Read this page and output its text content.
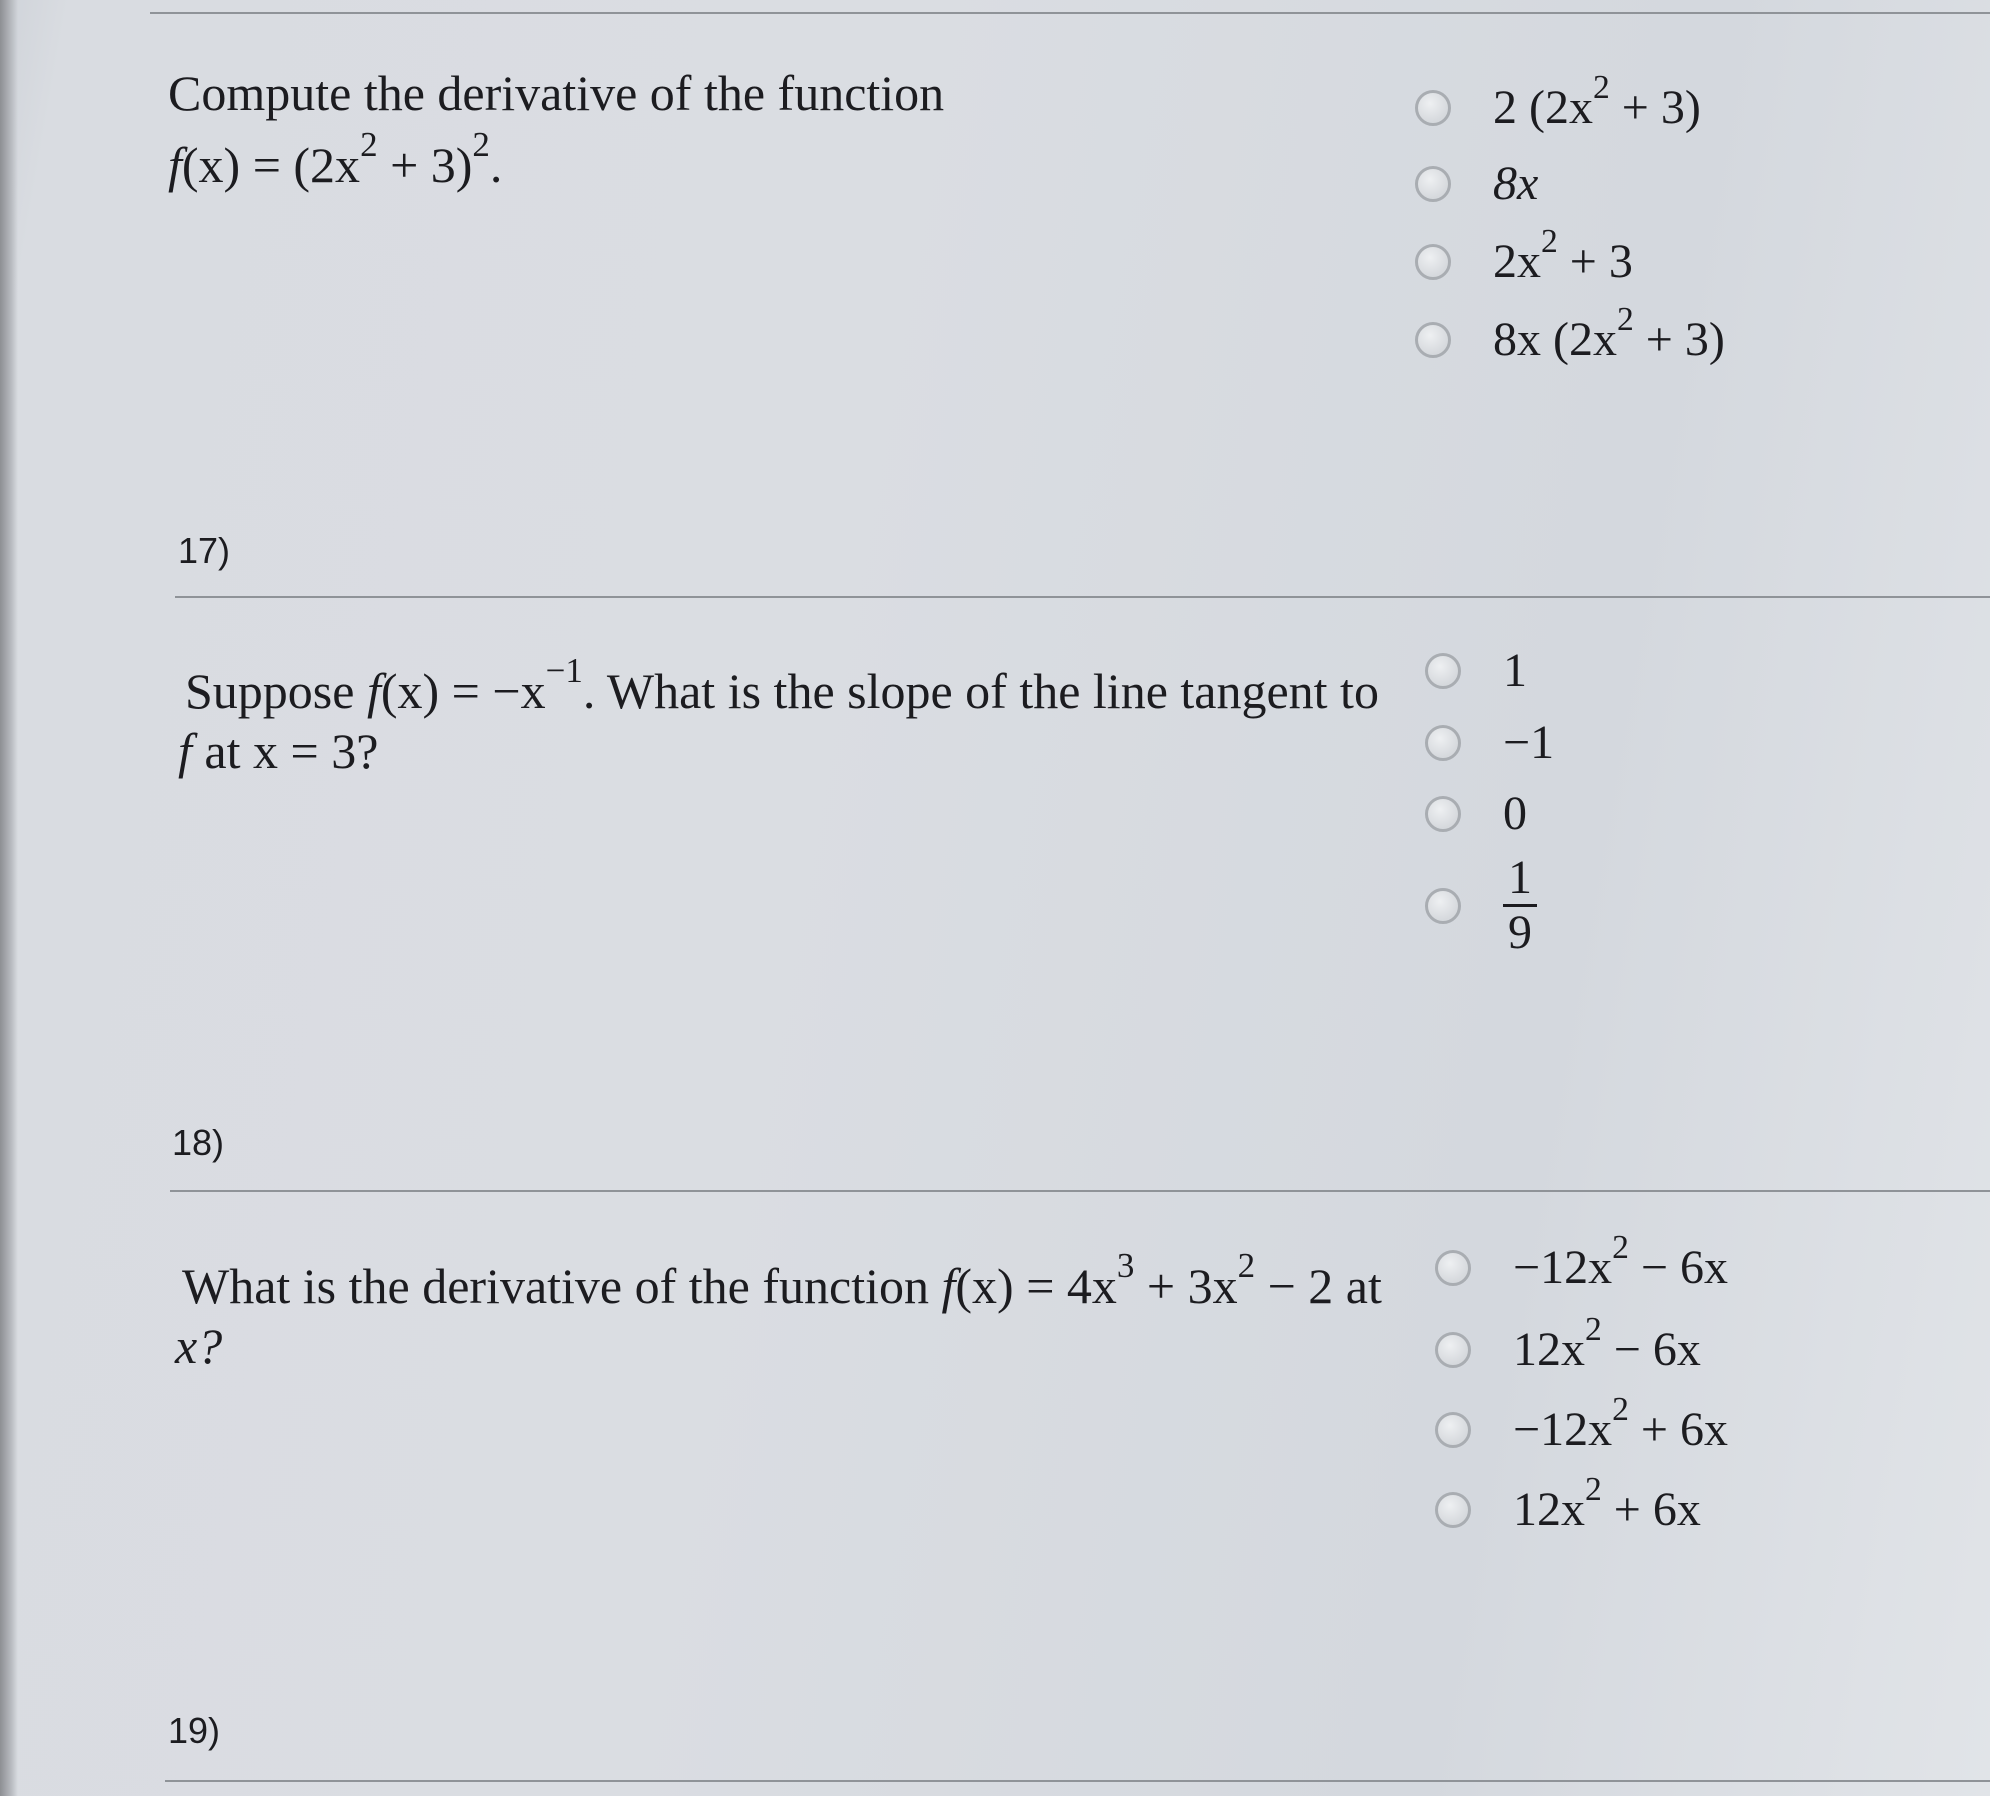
Compute the derivative of the function
$f(x) = (2x^2 + 3)^2$.
2 $(2x^2 + 3)$
8x
$2x^2 + 3$
8x $(2x^2 + 3)$
17)
Suppose $f(x) = -x^{-1}$. What is the slope of the line tangent to
f at x = 3?
1
−1
0
$\frac{1}{9}$
18)
What is the derivative of the function $f(x) = 4x^3 + 3x^2 - 2$ at
x?
$-12x^2 - 6x$
$12x^2 - 6x$
$-12x^2 + 6x$
$12x^2 + 6x$
19)
